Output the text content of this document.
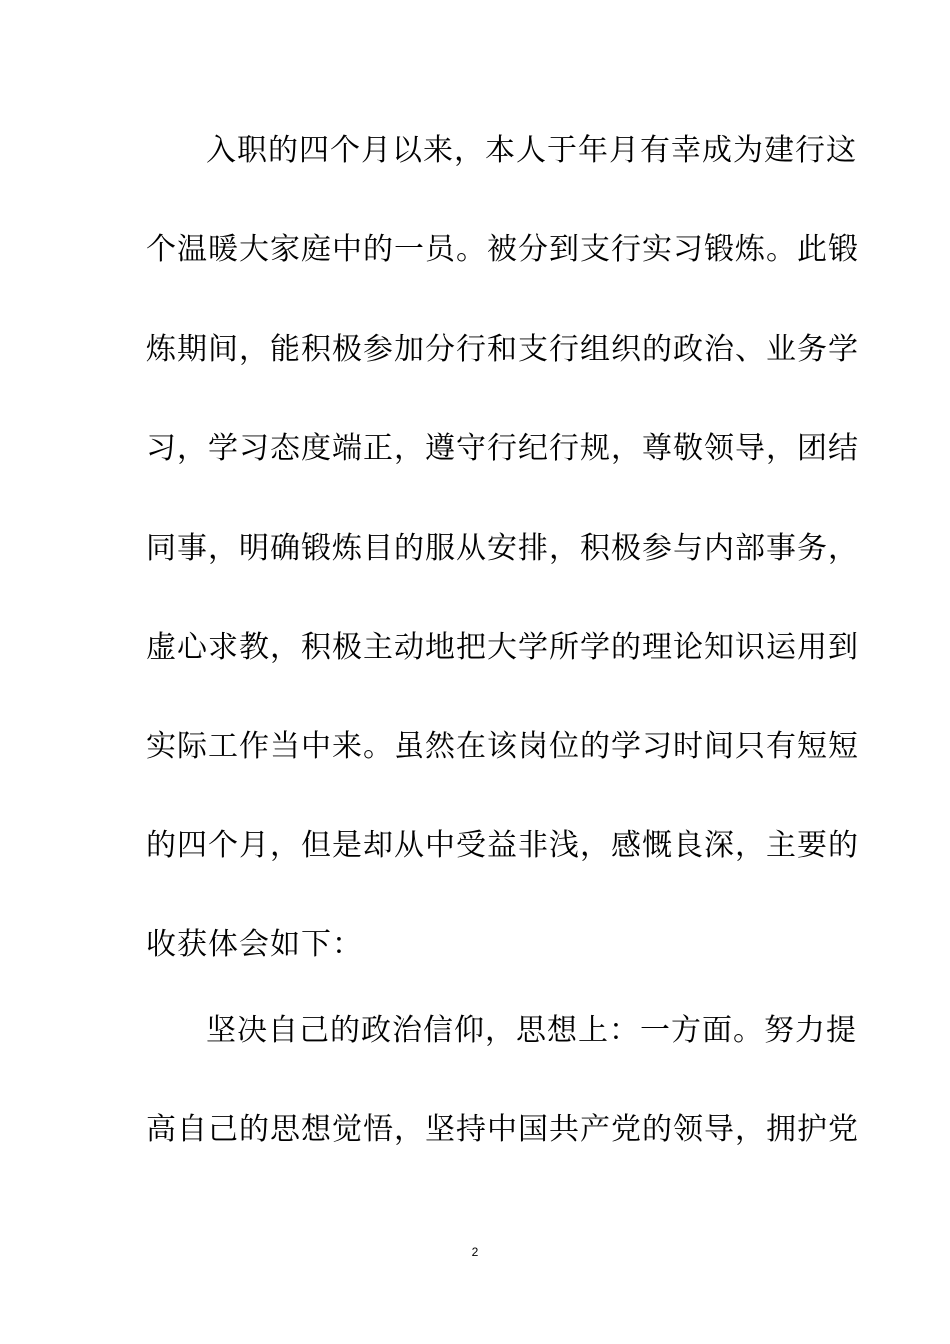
入职的四个月以来，本人于年月有幸成为建行这
个温暖大家庭中的一员。被分到支行实习锻炼。此锻
炼期间，能积极参加分行和支行组织的政治、业务学
习，学习态度端正，遵守行纪行规，尊敬领导，团结
同事，明确锻炼目的服从安排，积极参与内部事务，
虚心求教，积极主动地把大学所学的理论知识运用到
实际工作当中来。虽然在该岗位的学习时间只有短短
的四个月，但是却从中受益非浅，感慨良深，主要的
收获体会如下：
坚决自己的政治信仰，思想上：一方面。努力提
高自己的思想觉悟，坚持中国共产党的领导，拥护党
2
